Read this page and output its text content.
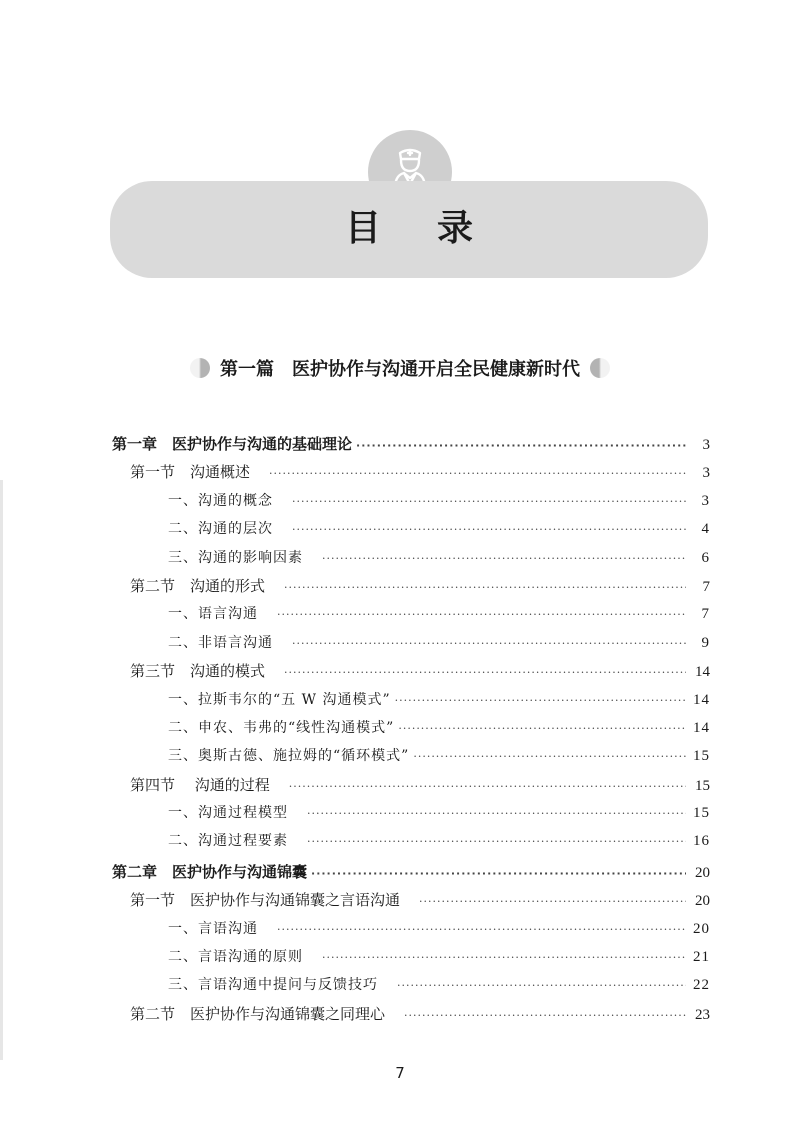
目录
第一篇　医护协作与沟通开启全民健康新时代
第一章　医护协作与沟通的基础理论 ·····	3
第一节　沟通概述　 ·····	3
一、沟通的概念　 ·····	3
二、沟通的层次　 ·····	4
三、沟通的影响因素　 ·····	6
第二节　沟通的形式　 ·····	7
一、语言沟通　 ·····	7
二、非语言沟通　 ·····	9
第三节　沟通的模式　 ·····	14
一、拉斯韦尔的“五 W 沟通模式” ·····	14
二、申农、韦弗的“线性沟通模式” ·····	14
三、奥斯古德、施拉姆的“循环模式” ·····	15
第四节　 沟通的过程　 ·····	15
一、沟通过程模型　 ·····	15
二、沟通过程要素　 ·····	16
第二章　医护协作与沟通锦囊 ·····	20
第一节　医护协作与沟通锦囊之言语沟通　 ·····	20
一、言语沟通　 ·····	20
二、言语沟通的原则　 ·····	21
三、言语沟通中提问与反馈技巧　 ·····	22
第二节　医护协作与沟通锦囊之同理心　 ·····	23
7
